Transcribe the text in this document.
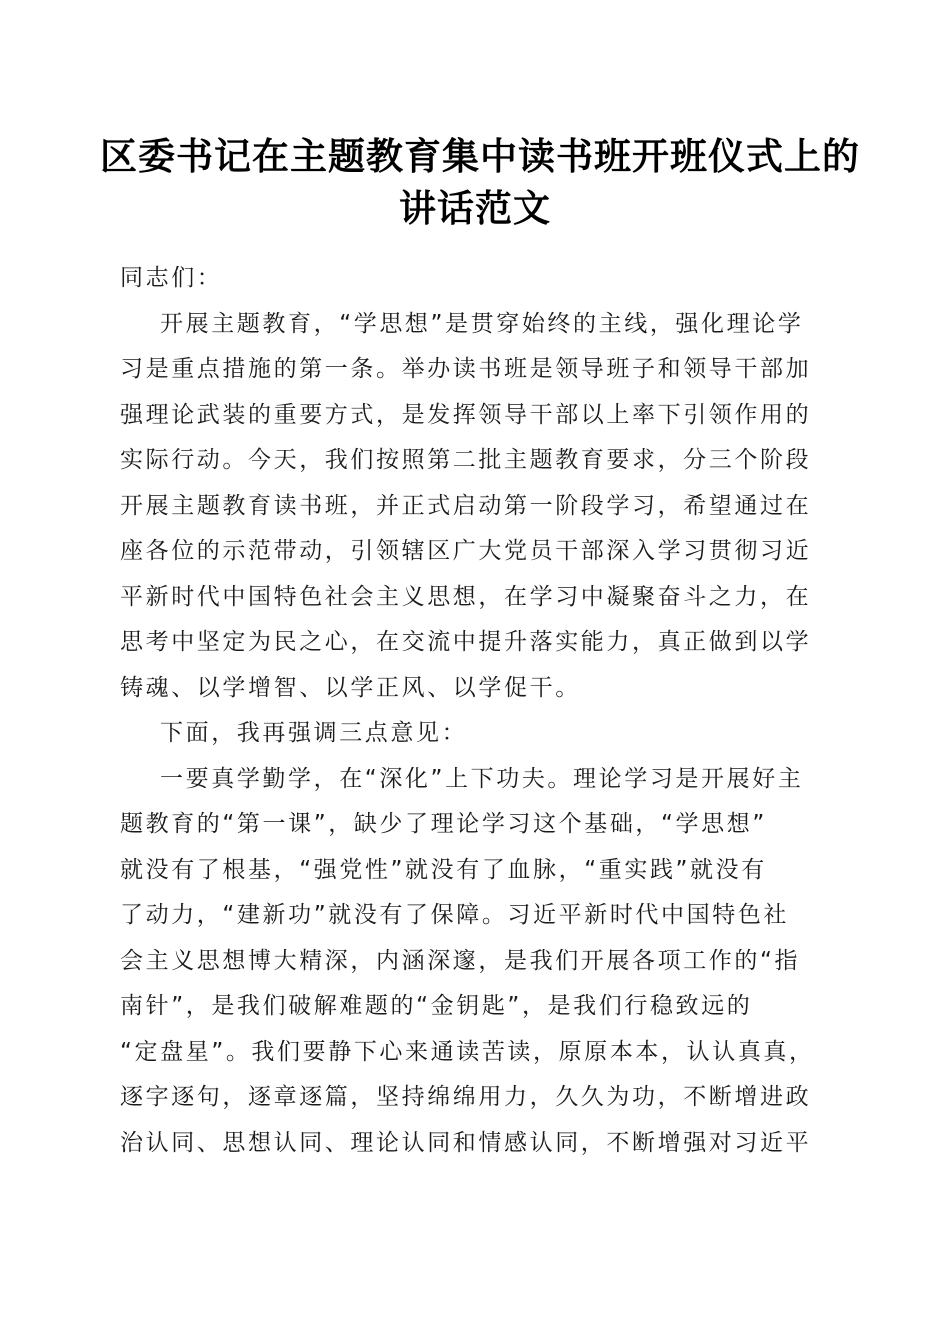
区委书记在主题教育集中读书班开班仪式上的
讲话范文
同志们：
开展主题教育，“学思想”是贯穿始终的主线，强化理论学
习是重点措施的第一条。举办读书班是领导班子和领导干部加
强理论武装的重要方式，是发挥领导干部以上率下引领作用的
实际行动。今天，我们按照第二批主题教育要求，分三个阶段
开展主题教育读书班，并正式启动第一阶段学习，希望通过在
座各位的示范带动，引领辖区广大党员干部深入学习贯彻习近
平新时代中国特色社会主义思想，在学习中凝聚奋斗之力，在
思考中坚定为民之心，在交流中提升落实能力，真正做到以学
铸魂、以学增智、以学正风、以学促干。
下面，我再强调三点意见：
一要真学勤学，在“深化”上下功夫。理论学习是开展好主
题教育的“第一课”，缺少了理论学习这个基础，“学思想”
就没有了根基，“强党性”就没有了血脉，“重实践”就没有
了动力，“建新功”就没有了保障。习近平新时代中国特色社
会主义思想博大精深，内涵深邃，是我们开展各项工作的“指
南针”，是我们破解难题的“金钥匙”，是我们行稳致远的
“定盘星”。我们要静下心来通读苦读，原原本本，认认真真，
逐字逐句，逐章逐篇，坚持绵绵用力，久久为功，不断增进政
治认同、思想认同、理论认同和情感认同，不断增强对习近平
